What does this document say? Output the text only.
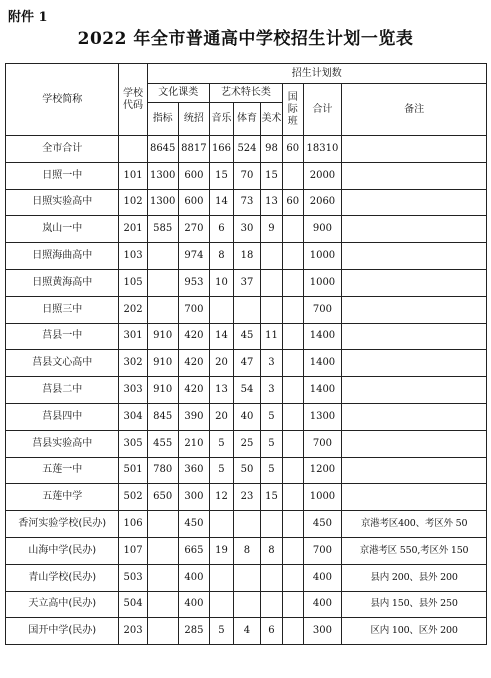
附件 1
2022 年全市普通高中学校招生计划一览表
学校简称	学校代码	招生计划数							
		文化课类		艺术特长类			国际班	合计	备注
		指标	统招	音乐	体育	美术			
全市合计		8645	8817	166	524	98	60	18310	
日照一中	101	1300	600	15	70	15		2000	
日照实验高中	102	1300	600	14	73	13	60	2060	
岚山一中	201	585	270	6	30	9		900	
日照海曲高中	103		974	8	18			1000	
日照黄海高中	105		953	10	37			1000	
日照三中	202		700					700	
莒县一中	301	910	420	14	45	11		1400	
莒县文心高中	302	910	420	20	47	3		1400	
莒县二中	303	910	420	13	54	3		1400	
莒县四中	304	845	390	20	40	5		1300	
莒县实验高中	305	455	210	5	25	5		700	
五莲一中	501	780	360	5	50	5		1200	
五莲中学	502	650	300	12	23	15		1000	
香河实验学校(民办)	106		450					450	京港考区400、考区外 50
山海中学(民办)	107		665	19	8	8		700	京港考区 550,考区外 150
青山学校(民办)	503		400					400	县内 200、县外 200
天立高中(民办)	504		400					400	县内 150、县外 250
国开中学(民办)	203		285	5	4	6		300	区内 100、区外 200
